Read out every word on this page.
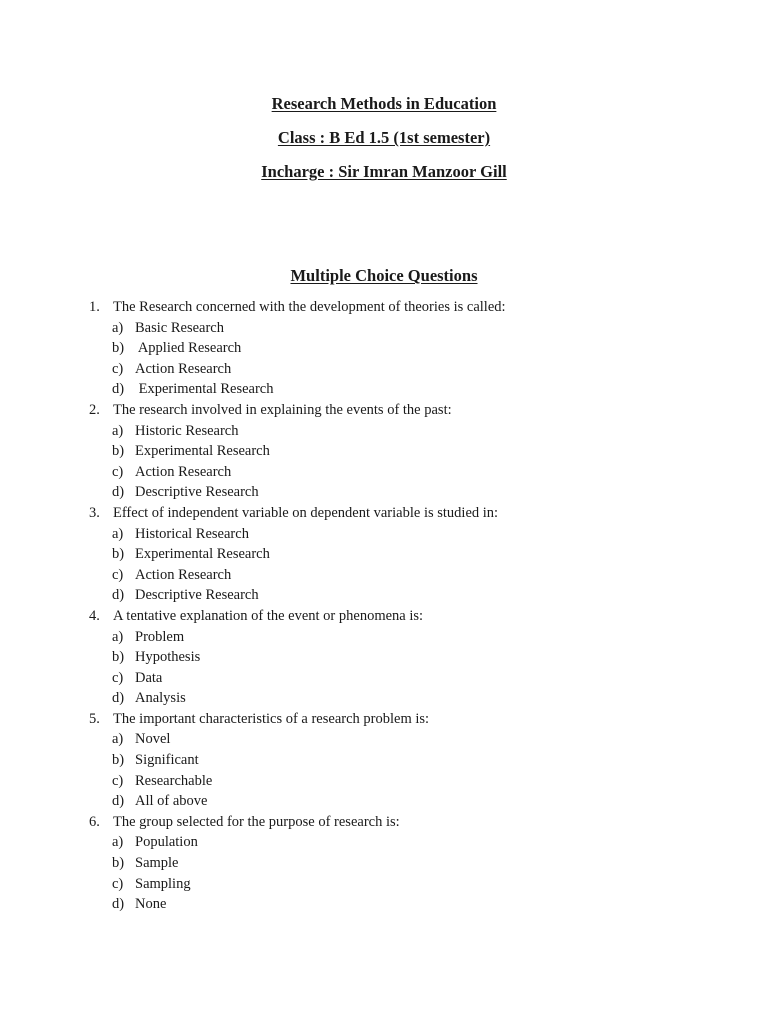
Research Methods in Education
Class : B Ed 1.5 (1st semester)
Incharge : Sir Imran Manzoor Gill
Multiple Choice Questions
1. The Research concerned with the development of theories is called:
a) Basic Research
b) Applied Research
c) Action Research
d) Experimental Research
2. The research involved in explaining the events of the past:
a) Historic Research
b) Experimental Research
c) Action Research
d) Descriptive Research
3. Effect of independent variable on dependent variable is studied in:
a) Historical Research
b) Experimental Research
c) Action Research
d) Descriptive Research
4. A tentative explanation of the event or phenomena is:
a) Problem
b) Hypothesis
c) Data
d) Analysis
5. The important characteristics of a research problem is:
a) Novel
b) Significant
c) Researchable
d) All of above
6. The group selected for the purpose of research is:
a) Population
b) Sample
c) Sampling
d) None
